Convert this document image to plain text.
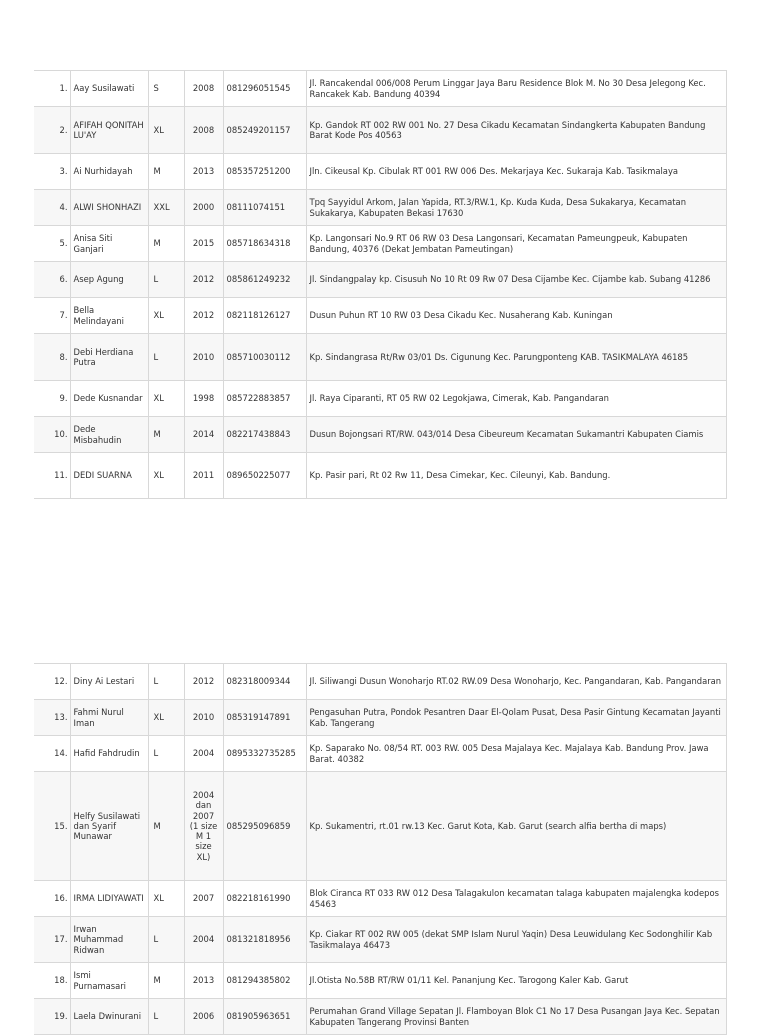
1.	Aay Susilawati	S	2008	081296051545	Jl. Rancakendal 006/008 Perum Linggar Jaya Baru Residence Blok M. No 30 Desa Jelegong Kec. Rancakek Kab. Bandung 40394
2.	AFIFAH QONITAH LU'AY	XL	2008	085249201157	Kp. Gandok RT 002 RW 001 No. 27 Desa Cikadu Kecamatan Sindangkerta Kabupaten Bandung Barat Kode Pos 40563
3.	Ai Nurhidayah	M	2013	085357251200	Jln. Cikeusal Kp. Cibulak RT 001 RW 006 Des. Mekarjaya Kec. Sukaraja Kab. Tasikmalaya
4.	ALWI SHONHAZI	XXL	2000	08111074151	Tpq Sayyidul Arkom, Jalan Yapida, RT.3/RW.1, Kp. Kuda Kuda, Desa Sukakarya, Kecamatan Sukakarya, Kabupaten Bekasi 17630
5.	Anisa Siti Ganjari	M	2015	085718634318	Kp. Langonsari No.9 RT 06 RW 03 Desa Langonsari, Kecamatan Pameungpeuk, Kabupaten Bandung, 40376 (Dekat Jembatan Pameutingan)
6.	Asep Agung	L	2012	085861249232	Jl. Sindangpalay kp. Cisusuh No 10 Rt 09 Rw 07 Desa Cijambe Kec. Cijambe kab. Subang 41286
7.	Bella Melindayani	XL	2012	082118126127	Dusun Puhun RT 10 RW 03 Desa Cikadu Kec. Nusaherang Kab. Kuningan
8.	Debi Herdiana Putra	L	2010	085710030112	Kp. Sindangrasa Rt/Rw 03/01 Ds. Cigunung Kec. Parungponteng KAB. TASIKMALAYA 46185
9.	Dede Kusnandar	XL	1998	085722883857	Jl. Raya Ciparanti, RT 05 RW 02 Legokjawa, Cimerak, Kab. Pangandaran
10.	Dede Misbahudin	M	2014	082217438843	Dusun Bojongsari RT/RW. 043/014 Desa Cibeureum Kecamatan Sukamantri Kabupaten Ciamis
11.	DEDI SUARNA	XL	2011	089650225077	Kp. Pasir pari, Rt 02 Rw 11, Desa Cimekar, Kec. Cileunyi, Kab. Bandung.
12.	Diny Ai Lestari	L	2012	082318009344	Jl. Siliwangi Dusun Wonoharjo RT.02 RW.09 Desa Wonoharjo, Kec. Pangandaran, Kab. Pangandaran
13.	Fahmi Nurul Iman	XL	2010	085319147891	Pengasuhan Putra, Pondok Pesantren Daar El-Qolam Pusat, Desa Pasir Gintung Kecamatan Jayanti Kab. Tangerang
14.	Hafid Fahdrudin	L	2004	0895332735285	Kp. Saparako No. 08/54 RT. 003 RW. 005 Desa Majalaya Kec. Majalaya Kab. Bandung Prov. Jawa Barat. 40382
15.	Helfy Susilawati dan Syarif Munawar	M	2004 dan 2007 (1 size M 1 size XL)	085295096859	Kp. Sukamentri, rt.01 rw.13 Kec. Garut Kota, Kab. Garut (search alfia bertha di maps)
16.	IRMA LIDIYAWATI	XL	2007	082218161990	Blok Ciranca RT 033 RW 012 Desa Talagakulon kecamatan talaga kabupaten majalengka kodepos 45463
17.	Irwan Muhammad Ridwan	L	2004	081321818956	Kp. Ciakar RT 002 RW 005 (dekat SMP Islam Nurul Yaqin) Desa Leuwidulang Kec Sodonghilir Kab Tasikmalaya 46473
18.	Ismi Purnamasari	M	2013	081294385802	Jl.Otista No.58B RT/RW 01/11 Kel. Pananjung Kec. Tarogong Kaler Kab. Garut
19.	Laela Dwinurani	L	2006	081905963651	Perumahan Grand Village Sepatan Jl. Flamboyan Blok C1 No 17 Desa Pusangan Jaya Kec. Sepatan Kabupaten Tangerang Provinsi Banten
